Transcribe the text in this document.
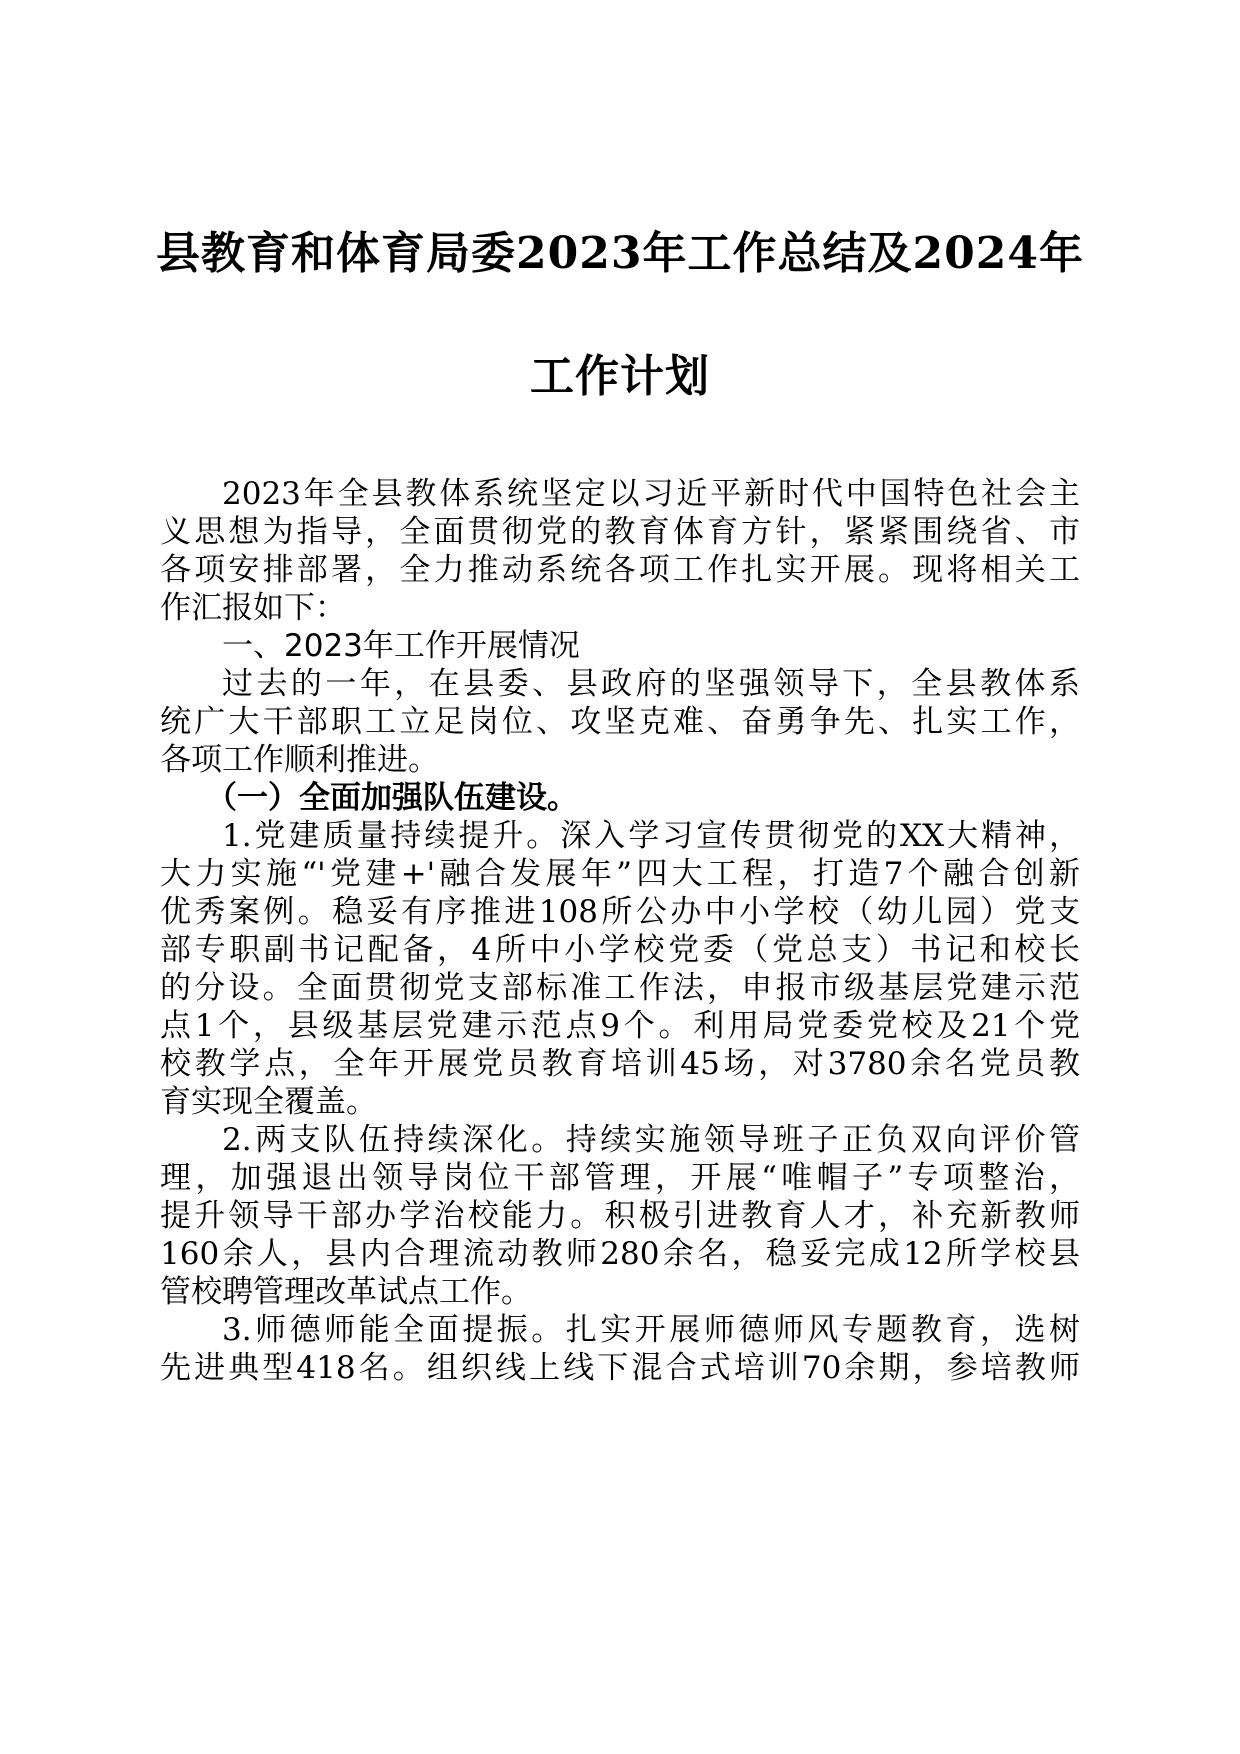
县教育和体育局委2023年工作总结及2024年
工作计划
2023年全县教体系统坚定以习近平新时代中国特色社会主
义思想为指导，全面贯彻党的教育体育方针，紧紧围绕省、市
各项安排部署，全力推动系统各项工作扎实开展。现将相关工
作汇报如下：
一、2023年工作开展情况
过去的一年，在县委、县政府的坚强领导下，全县教体系
统广大干部职工立足岗位、攻坚克难、奋勇争先、扎实工作，
各项工作顺利推进。
（一）全面加强队伍建设。
1.党建质量持续提升。深入学习宣传贯彻党的XX大精神，
大力实施“'党建+'融合发展年”四大工程，打造7个融合创新
优秀案例。稳妥有序推进108所公办中小学校（幼儿园）党支
部专职副书记配备，4所中小学校党委（党总支）书记和校长
的分设。全面贯彻党支部标准工作法，申报市级基层党建示范
点1个，县级基层党建示范点9个。利用局党委党校及21个党
校教学点，全年开展党员教育培训45场，对3780余名党员教
育实现全覆盖。
2.两支队伍持续深化。持续实施领导班子正负双向评价管
理，加强退出领导岗位干部管理，开展“唯帽子”专项整治，
提升领导干部办学治校能力。积极引进教育人才，补充新教师
160余人，县内合理流动教师280余名，稳妥完成12所学校县
管校聘管理改革试点工作。
3.师德师能全面提振。扎实开展师德师风专题教育，选树
先进典型418名。组织线上线下混合式培训70余期，参培教师
